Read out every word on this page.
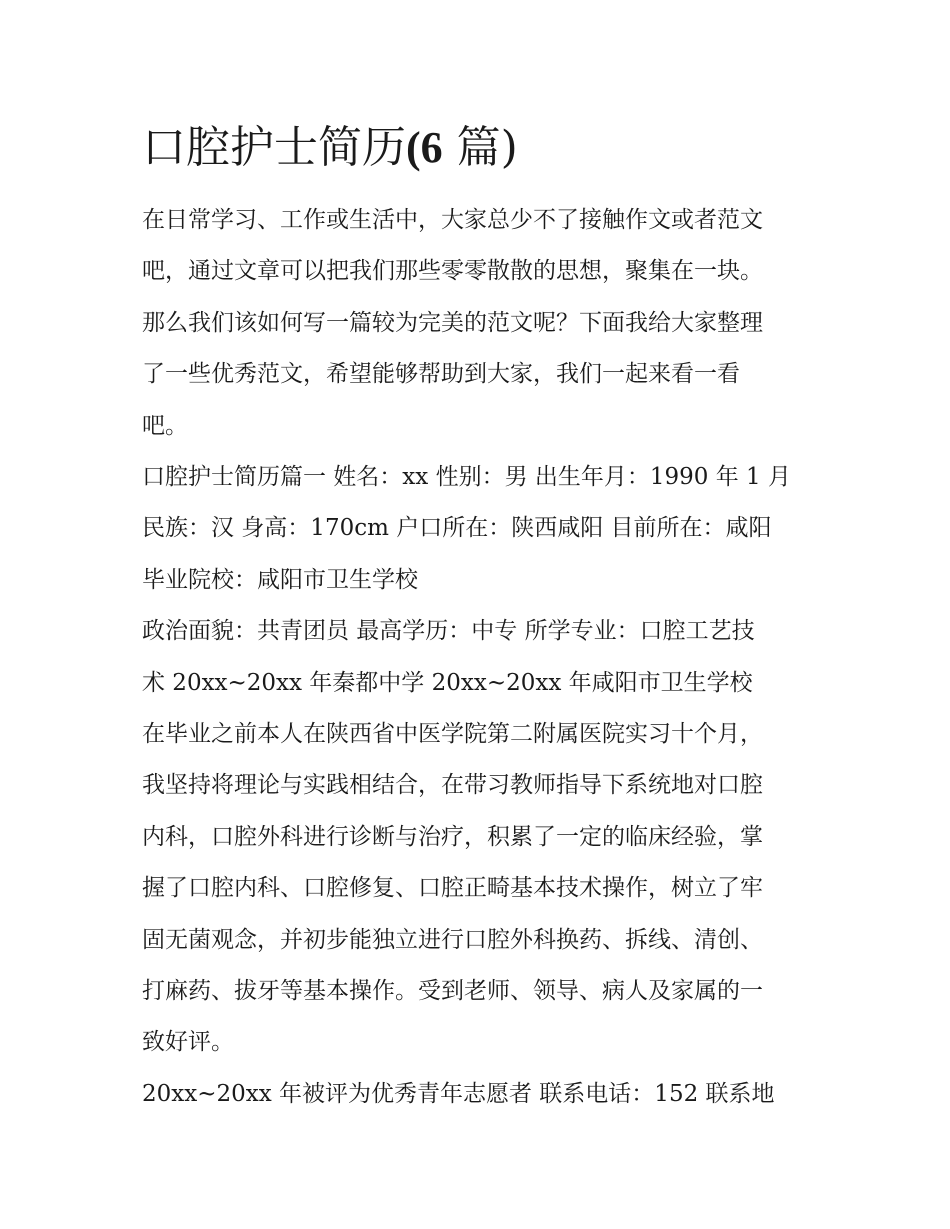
口腔护士简历(6 篇)
在日常学习、工作或生活中，大家总少不了接触作文或者范文
吧，通过文章可以把我们那些零零散散的思想，聚集在一块。
那么我们该如何写一篇较为完美的范文呢？下面我给大家整理
了一些优秀范文，希望能够帮助到大家，我们一起来看一看
吧。
口腔护士简历篇一 姓名：xx 性别：男 出生年月：1990 年 1 月
民族：汉 身高：170cm 户口所在：陕西咸阳 目前所在：咸阳
毕业院校：咸阳市卫生学校
政治面貌：共青团员 最高学历：中专 所学专业：口腔工艺技
术 20xx~20xx 年秦都中学 20xx~20xx 年咸阳市卫生学校
在毕业之前本人在陕西省中医学院第二附属医院实习十个月，
我坚持将理论与实践相结合，在带习教师指导下系统地对口腔
内科，口腔外科进行诊断与治疗，积累了一定的临床经验，掌
握了口腔内科、口腔修复、口腔正畸基本技术操作，树立了牢
固无菌观念，并初步能独立进行口腔外科换药、拆线、清创、
打麻药、拔牙等基本操作。受到老师、领导、病人及家属的一
致好评。
20xx~20xx 年被评为优秀青年志愿者 联系电话：152 联系地
